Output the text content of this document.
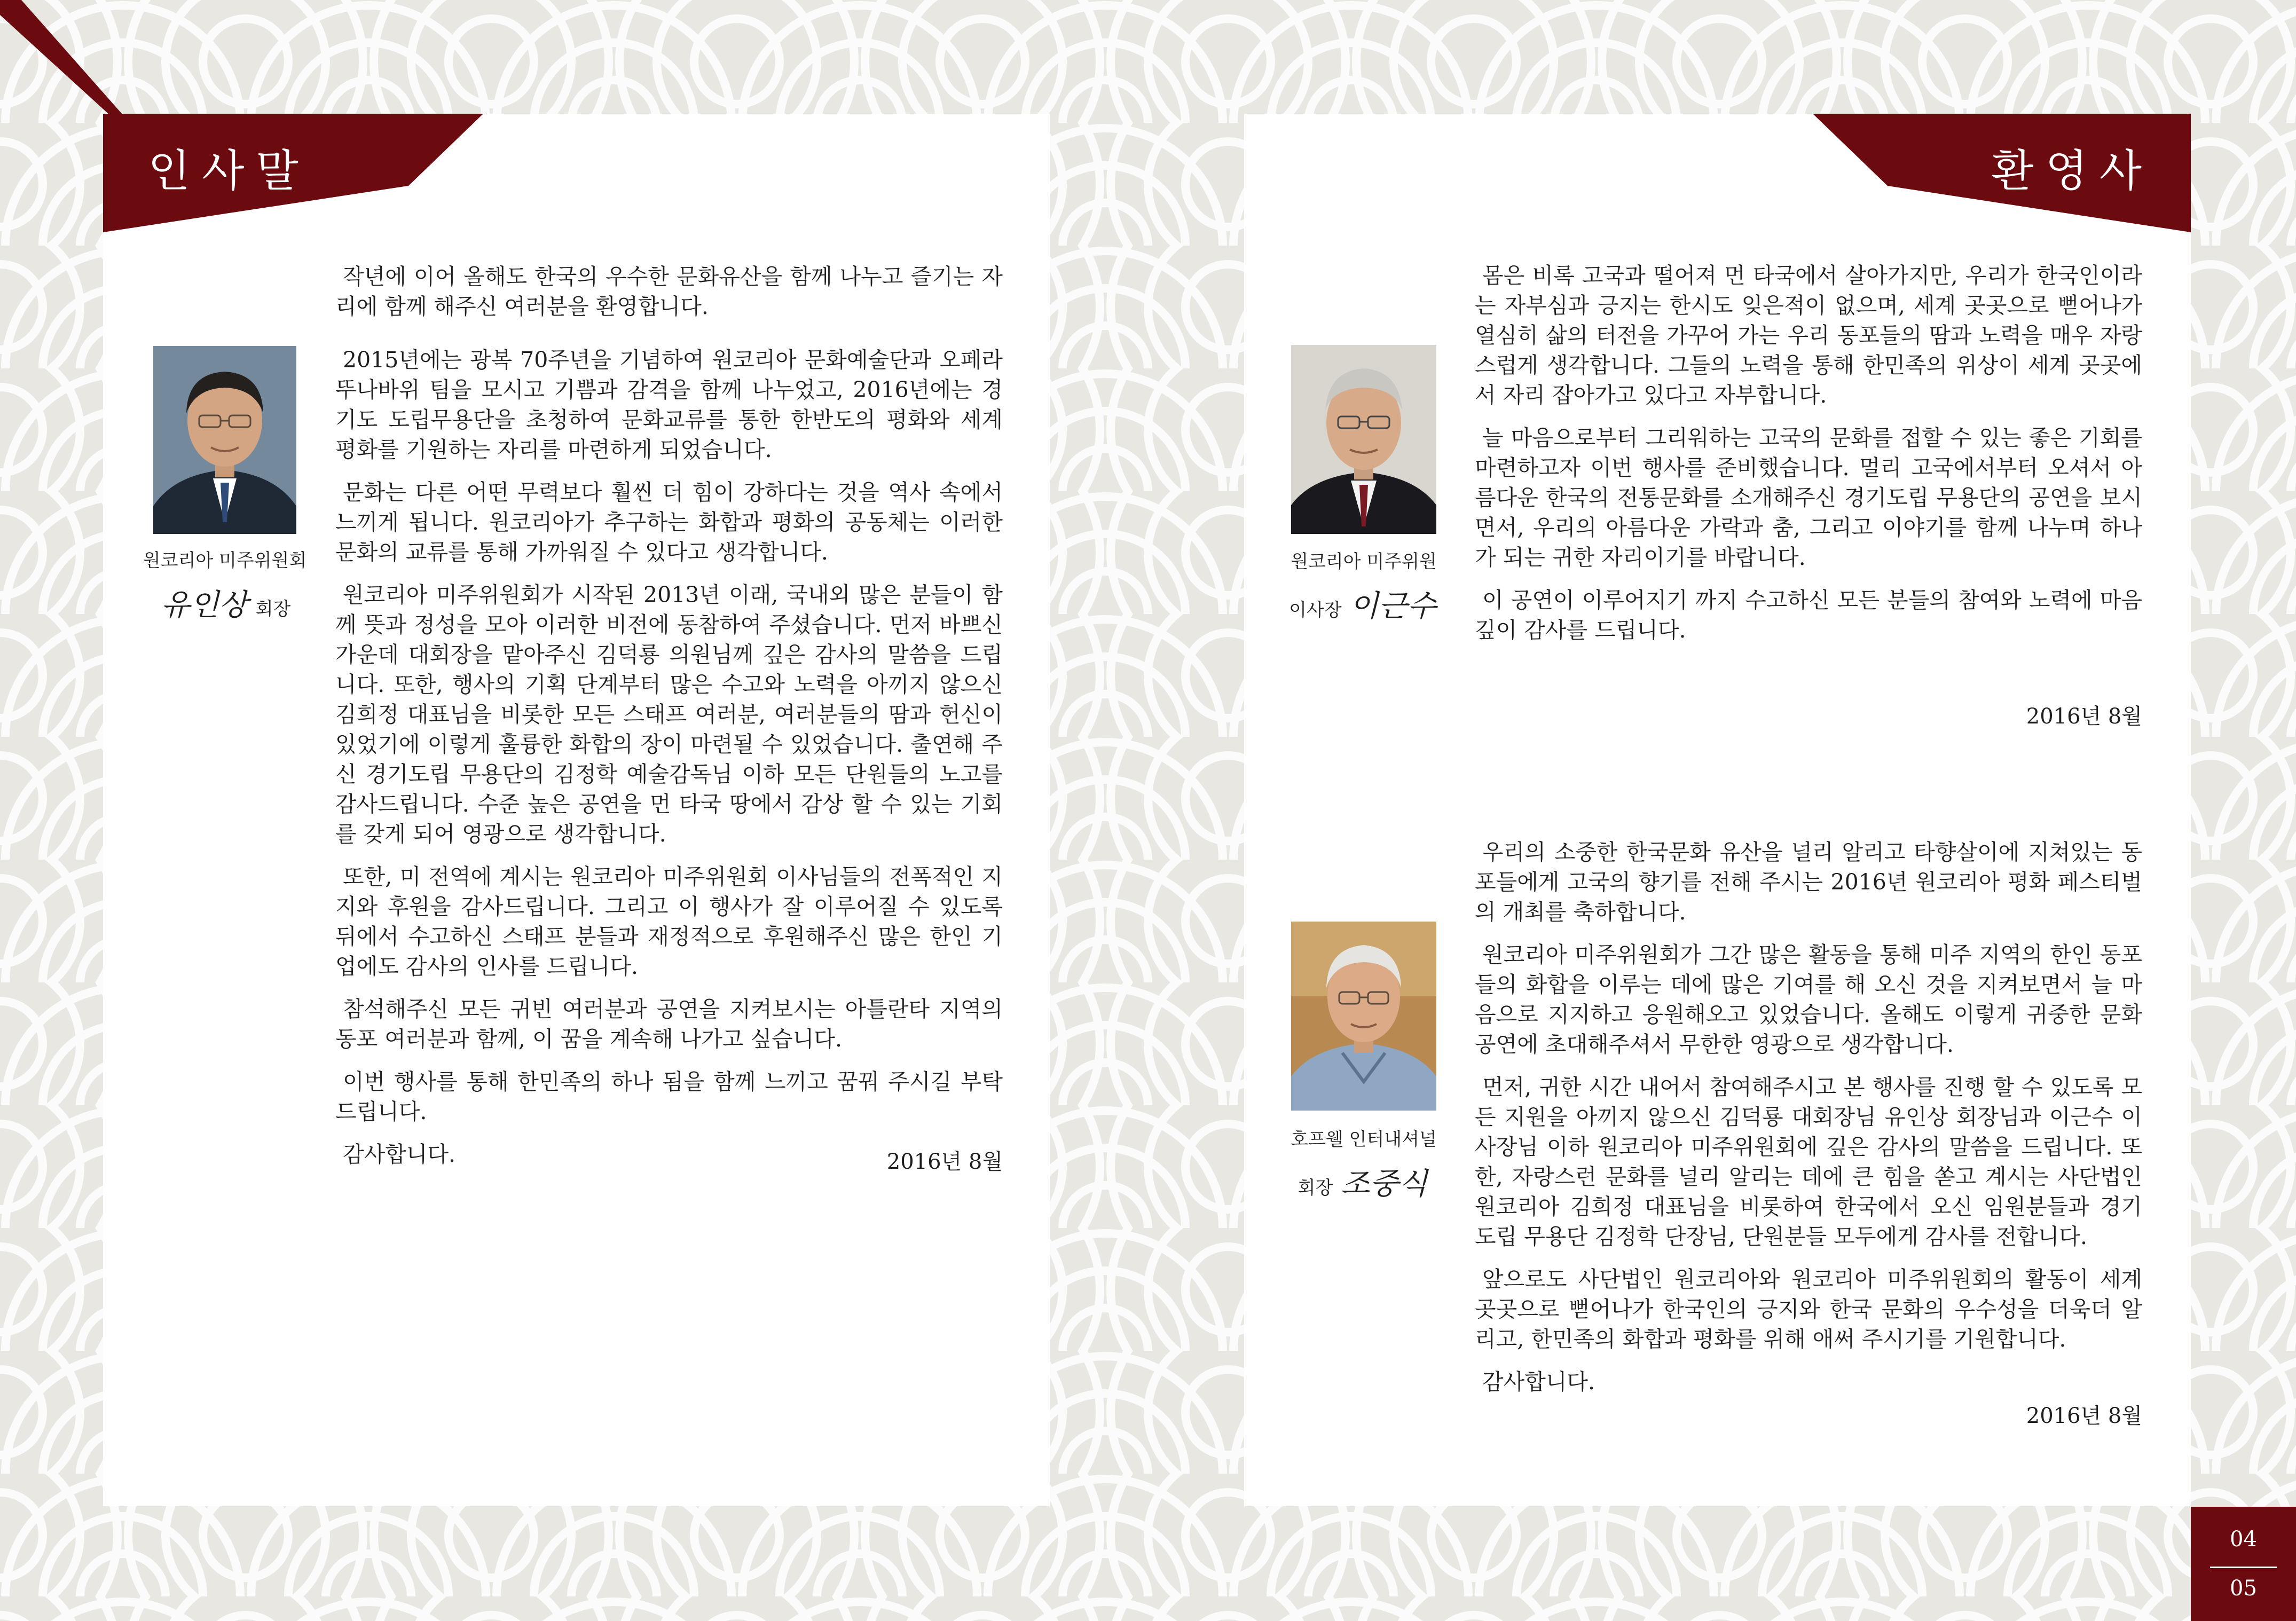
인사말
원코리아 미주위원회
유인상 회장

작년에 이어 올해도 한국의 우수한 문화유산을 함께 나누고 즐기는 자리에 함께 해주신 여러분을 환영합니다.

2015년에는 광복 70주년을 기념하여 원코리아 문화예술단과 오페라 뚜나바위 팀을 모시고 기쁨과 감격을 함께 나누었고, 2016년에는 경기도 도립무용단을 초청하여 문화교류를 통한 한반도의 평화와 세계 평화를 기원하는 자리를 마련하게 되었습니다.

문화는 다른 어떤 무력보다 훨씬 더 힘이 강하다는 것을 역사 속에서 느끼게 됩니다. 원코리아가 추구하는 화합과 평화의 공동체는 이러한 문화의 교류를 통해 가까워질 수 있다고 생각합니다.

원코리아 미주위원회가 시작된 2013년 이래, 국내외 많은 분들이 함께 뜻과 정성을 모아 이러한 비전에 동참하여 주셨습니다. 먼저 바쁘신 가운데 대회장을 맡아주신 김덕룡 의원님께 깊은 감사의 말씀을 드립니다. 또한, 행사의 기획 단계부터 많은 수고와 노력을 아끼지 않으신 김희정 대표님을 비롯한 모든 스태프 여러분, 여러분들의 땀과 헌신이 있었기에 이렇게 훌륭한 화합의 장이 마련될 수 있었습니다. 출연해 주신 경기도립 무용단의 김정학 예술감독님 이하 모든 단원들의 노고를 감사드립니다. 수준 높은 공연을 먼 타국 땅에서 감상 할 수 있는 기회를 갖게 되어 영광으로 생각합니다.

또한, 미 전역에 계시는 원코리아 미주위원회 이사님들의 전폭적인 지지와 후원을 감사드립니다. 그리고 이 행사가 잘 이루어질 수 있도록 뒤에서 수고하신 스태프 분들과 재정적으로 후원해주신 많은 한인 기업에도 감사의 인사를 드립니다.

참석해주신 모든 귀빈 여러분과 공연을 지켜보시는 아틀란타 지역의 동포 여러분과 함께, 이 꿈을 계속해 나가고 싶습니다.

이번 행사를 통해 한민족의 하나 됨을 함께 느끼고 꿈꿔 주시길 부탁드립니다.

감사합니다.	2016년 8월
환영사
원코리아 미주위원
이사장 이근수

몸은 비록 고국과 떨어져 먼 타국에서 살아가지만, 우리가 한국인이라는 자부심과 긍지는 한시도 잊은적이 없으며, 세계 곳곳으로 뻗어나가 열심히 삶의 터전을 가꾸어 가는 우리 동포들의 땀과 노력을 매우 자랑스럽게 생각합니다. 그들의 노력을 통해 한민족의 위상이 세계 곳곳에서 자리 잡아가고 있다고 자부합니다.

늘 마음으로부터 그리워하는 고국의 문화를 접할 수 있는 좋은 기회를 마련하고자 이번 행사를 준비했습니다. 멀리 고국에서부터 오셔서 아름다운 한국의 전통문화를 소개해주신 경기도립 무용단의 공연을 보시면서, 우리의 아름다운 가락과 춤, 그리고 이야기를 함께 나누며 하나가 되는 귀한 자리이기를 바랍니다.

이 공연이 이루어지기 까지 수고하신 모든 분들의 참여와 노력에 마음 깊이 감사를 드립니다.

2016년 8월
호프웰 인터내셔널
회장 조중식

우리의 소중한 한국문화 유산을 널리 알리고 타향살이에 지쳐있는 동포들에게 고국의 향기를 전해 주시는 2016년 원코리아 평화 페스티벌의 개최를 축하합니다.

원코리아 미주위원회가 그간 많은 활동을 통해 미주 지역의 한인 동포들의 화합을 이루는 데에 많은 기여를 해 오신 것을 지켜보면서 늘 마음으로 지지하고 응원해오고 있었습니다. 올해도 이렇게 귀중한 문화 공연에 초대해주셔서 무한한 영광으로 생각합니다.

먼저, 귀한 시간 내어서 참여해주시고 본 행사를 진행 할 수 있도록 모든 지원을 아끼지 않으신 김덕룡 대회장님 유인상 회장님과 이근수 이사장님 이하 원코리아 미주위원회에 깊은 감사의 말씀을 드립니다. 또한, 자랑스런 문화를 널리 알리는 데에 큰 힘을 쏟고 계시는 사단법인 원코리아 김희정 대표님을 비롯하여 한국에서 오신 임원분들과 경기 도립 무용단 김정학 단장님, 단원분들 모두에게 감사를 전합니다.

앞으로도 사단법인 원코리아와 원코리아 미주위원회의 활동이 세계 곳곳으로 뻗어나가 한국인의 긍지와 한국 문화의 우수성을 더욱더 알리고, 한민족의 화합과 평화를 위해 애써 주시기를 기원합니다.

감사합니다.

2016년 8월
04
05
